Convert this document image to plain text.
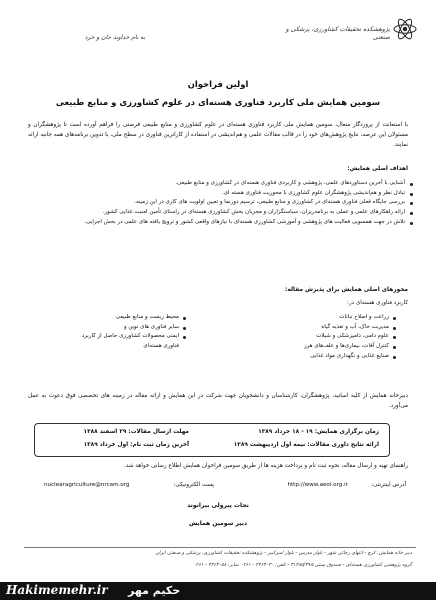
پژوهشکده تحقیقات کشاورزی، پزشکی و صنعتی
به نام خداوند جان و خرد
اولین فراخوان
سومین همایش ملی کاربرد فناوری هسته‌ای در علوم کشاورزی و منابع طبیعی
با استعانت از پروردگار متعال، سومین همایش ملی کاربرد فناوری هسته‌ای در علوم کشاورزی و منابع طبیعی فرصتی را فراهم آورده است تا پژوهشگران و مسئولان این عرصه، نتایج پژوهش‌های خود را در قالب مقالات علمی و هم‌اندیشی در استفاده از کاراترین فناوری در سطح ملی، با تدوین برنامه‌های همه جانبه ارائه نمایند.
اهداف اصلی همایش:
آشنایی با آخرین دستاوردهای علمی، پژوهشی و کاربردی فناوری هسته‌ای در کشاورزی و منابع طبیعی.
تبادل نظر و هم‌اندیشی پژوهشگران علوم کشاورزی با محوریت فناوری هسته‌ ای.
بررسی جایگاه فعلی فناوری هسته‌ای در کشاورزی و منابع طبیعی، ترسیم دورنما و تعیین اولویت های کاری در این زمینه.
ارائه راهکارهای علمی و عملی به برنامه‌ریزان، سیاستگزاران و مجریان بخش کشاورزی هسته‌ای در راستای تأمین امنیت غذایی کشور.
تلاش در جهت همسویی فعالیت های پژوهشی و آموزشی کشاورزی هسته‌ای با نیازهای واقعی کشور و ترویج یافته های علمی در بخش اجرایی.
محورهای اصلی همایش برای پذیرش مقاله:
کاربرد فناوری هسته‌ای در:
زراعت و اصلاح نباتات
مدیریت خاک، آب و تغذیه گیاه
علوم دامی، دامپزشکی و شیلات
کنترل آفات، بیماری‌ها و علف‌های هرز
صنایع غذایی و نگهداری مواد غذایی
محیط زیست و منابع طبیعی
سایر فناوری های نوین و
ایمنی محصولات کشاورزی حاصل از کاربرد
فناوری هسته‌ای
دبیرخانه همایش از کلیه اساتید، پژوهشگران، کارشناسان و دانشجویان جهت شرکت در این همایش و ارائه مقاله در زمینه های تخصصی فوق دعوت به عمل می‌آورد.
زمان برگزاری همایش: ۱۹ - ۱۸ خرداد ۱۳۸۹
ارائه نتایج داوری مقالات: نیمه اول اردیبهشت ۱۳۸۹
مهلت ارسال مقالات: ۲۹ اسفند ۱۳۸۸
آخرین زمان ثبت نام: اول خرداد ۱۳۸۹
راهنمای تهیه و ارسال مقاله، نحوه ثبت نام و پرداخت هزینه ها از طریق سومین فراخوان همایش اطلاع رسانی خواهد شد.
آدرس اینترنتی:
http://www.aeoi.org.ir
پست الکترونیکی:
nuclearagriculture@nrcam.org
نجات پیرولی بیرانوند
دبیر سومین همایش
دبیر خانه همایش: کرج - انتهای رجائی شهر - بلوار مدرس - بلوار امیرکبیر - پژوهشکده تحقیقات کشاورزی، پزشکی و صنعتی ایران
گروه پژوهشی کشاورزی هسته‌ای - صندوق پستی:۳۱۴۸۵/۴۹۸ - تلفن: ۴۴۶۴۰۳۰ - ۰۲۶۱ نمابر: ۴۴۶۴۰۵۸ - ۰۲۶۱
Hakimemehr.ir حکیم مهر
